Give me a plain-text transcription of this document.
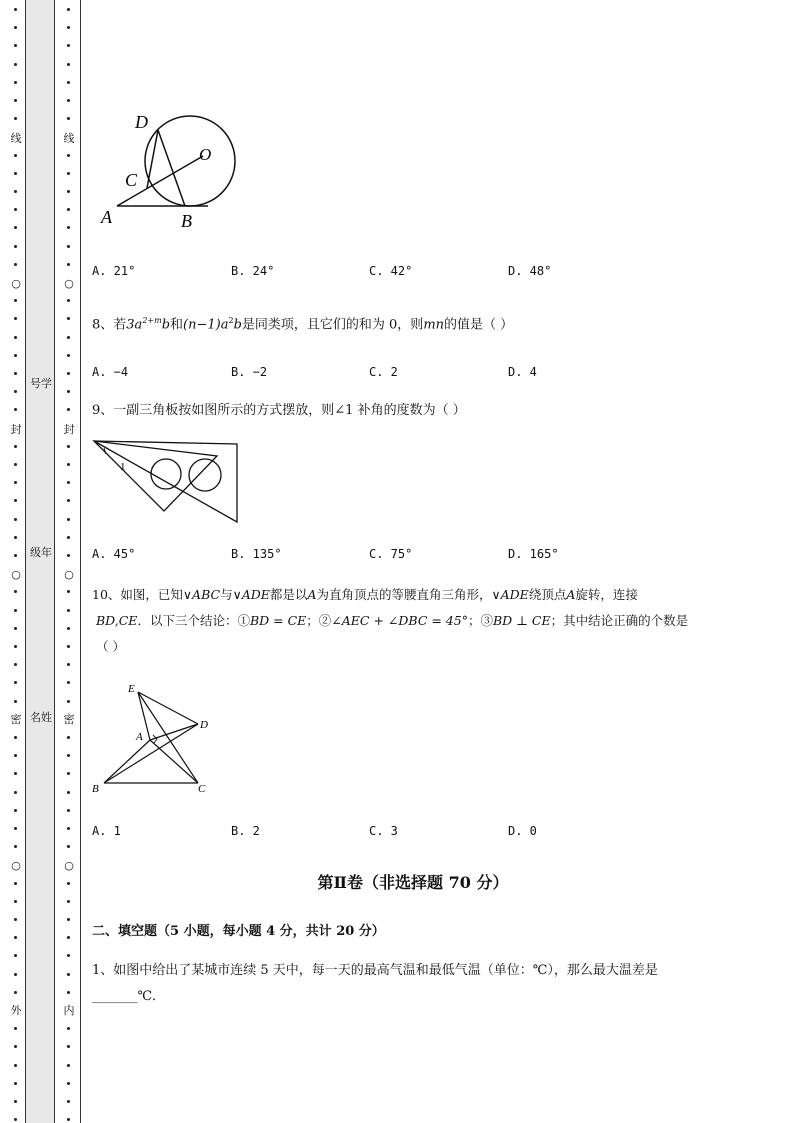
线
○
封
○
密
○
外
号学
级年
名姓
线
○
封
○
密
○
内
D
O
C
A	B
A. 21°	B. 24°	C. 42°	D. 48°
8、若$3a^{2+m}b$和$(n-1)a^2b$是同类项，且它们的和为 0，则mn的值是（ ）
A. −4	B. −2	C. 2	D. 4
9、一副三角板按如图所示的方式摆放，则∠1 补角的度数为（ ）
1
A. 45°	B. 135°	C. 75°	D. 165°
10、如图，已知∨ABC与∨ADE都是以A为直角顶点的等腰直角三角形，∨ADE绕顶点A旋转，连接
BD,CE．以下三个结论：①BD = CE；②∠AEC + ∠DBC = 45°；③BD ⊥ CE；其中结论正确的个数是
（ ）
E
A
D
B	C
A. 1	B. 2	C. 3	D. 0
第Ⅱ卷（非选择题 70 分）
二、填空题（5 小题，每小题 4 分，共计 20 分）
1、如图中给出了某城市连续 5 天中，每一天的最高气温和最低气温（单位：℃），那么最大温差是
_______℃．
